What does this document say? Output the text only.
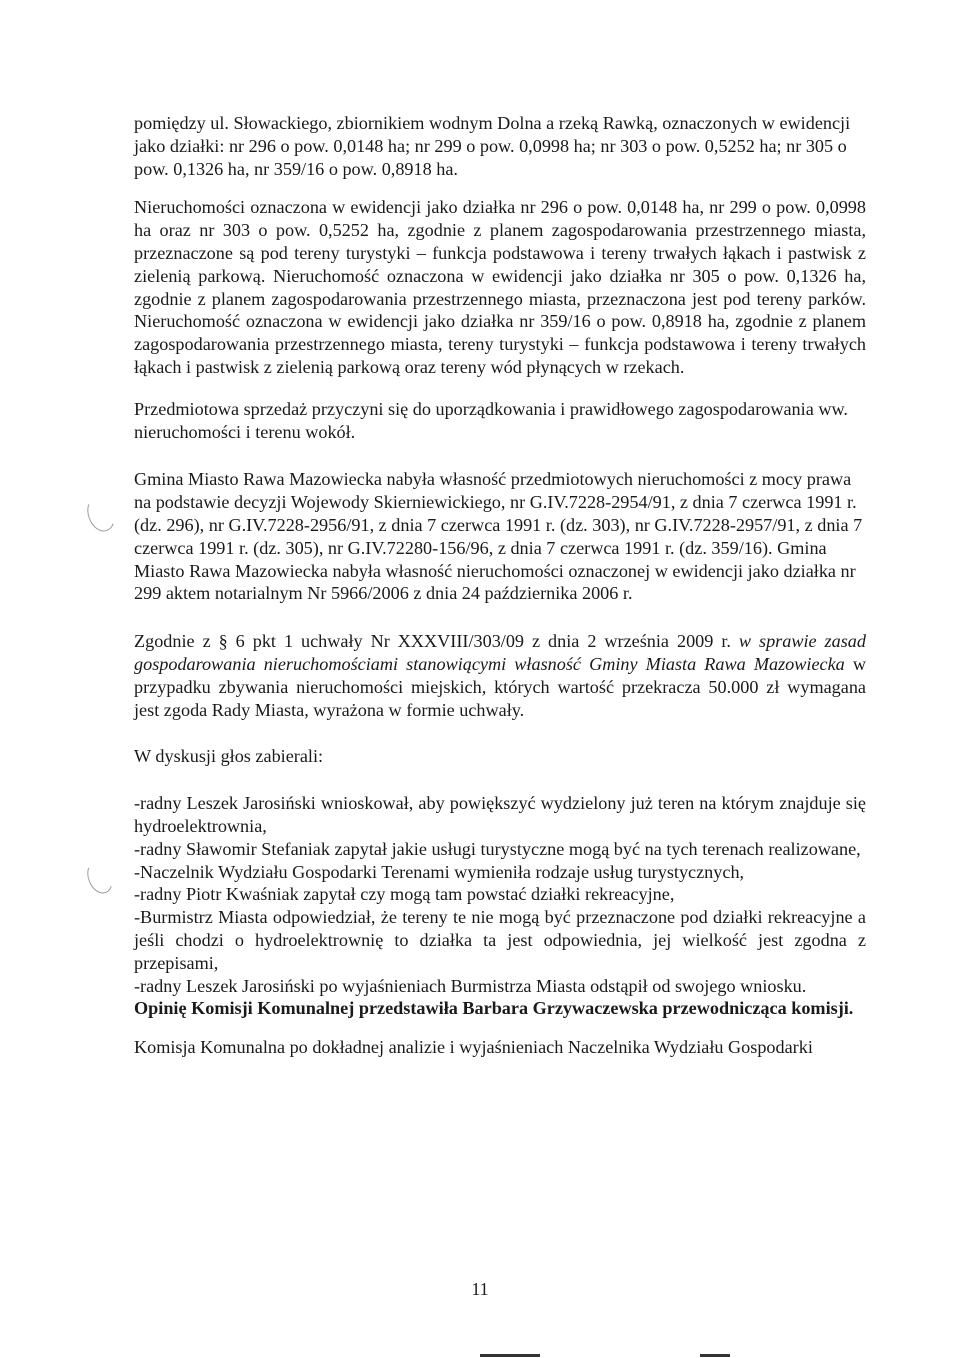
pomiędzy ul. Słowackiego, zbiornikiem wodnym Dolna a rzeką Rawką, oznaczonych w ewidencji jako działki: nr 296 o pow. 0,0148 ha; nr 299 o pow. 0,0998 ha; nr 303 o pow. 0,5252 ha; nr 305 o pow. 0,1326 ha, nr 359/16 o pow. 0,8918 ha.

Nieruchomości oznaczona w ewidencji jako działka nr 296 o pow. 0,0148 ha, nr 299 o pow. 0,0998 ha oraz nr 303 o pow. 0,5252 ha, zgodnie z planem zagospodarowania przestrzennego miasta, przeznaczone są pod tereny turystyki – funkcja podstawowa i tereny trwałych łąkach i pastwisk z zielenią parkową. Nieruchomość oznaczona w ewidencji jako działka nr 305 o pow. 0,1326 ha, zgodnie z planem zagospodarowania przestrzennego miasta, przeznaczona jest pod tereny parków. Nieruchomość oznaczona w ewidencji jako działka nr 359/16 o pow. 0,8918 ha, zgodnie z planem zagospodarowania przestrzennego miasta, tereny turystyki – funkcja podstawowa i tereny trwałych łąkach i pastwisk z zielenią parkową oraz tereny wód płynących w rzekach.

Przedmiotowa sprzedaż przyczyni się do uporządkowania i prawidłowego zagospodarowania ww. nieruchomości i terenu wokół.

Gmina Miasto Rawa Mazowiecka nabyła własność przedmiotowych nieruchomości z mocy prawa na podstawie decyzji Wojewody Skierniewickiego, nr G.IV.7228-2954/91, z dnia 7 czerwca 1991 r. (dz. 296), nr G.IV.7228-2956/91, z dnia 7 czerwca 1991 r. (dz. 303), nr G.IV.7228-2957/91, z dnia 7 czerwca 1991 r. (dz. 305), nr G.IV.72280-156/96, z dnia 7 czerwca 1991 r. (dz. 359/16). Gmina Miasto Rawa Mazowiecka nabyła własność nieruchomości oznaczonej w ewidencji jako działka nr 299 aktem notarialnym Nr 5966/2006 z dnia 24 października 2006 r.

Zgodnie z § 6 pkt 1 uchwały Nr XXXVIII/303/09 z dnia 2 września 2009 r. w sprawie zasad gospodarowania nieruchomościami stanowiącymi własność Gminy Miasta Rawa Mazowiecka w przypadku zbywania nieruchomości miejskich, których wartość przekracza 50.000 zł wymagana jest zgoda Rady Miasta, wyrażona w formie uchwały.

W dyskusji głos zabierali:

-radny Leszek Jarosiński wnioskował, aby powiększyć wydzielony już teren na którym znajduje się hydroelektrownia,

-radny Sławomir Stefaniak zapytał jakie usługi turystyczne mogą być na tych terenach realizowane,

-Naczelnik Wydziału Gospodarki Terenami wymieniła rodzaje usług turystycznych,

-radny Piotr Kwaśniak zapytał czy mogą tam powstać działki rekreacyjne,

-Burmistrz Miasta odpowiedział, że tereny te nie mogą być przeznaczone pod działki rekreacyjne a jeśli chodzi o hydroelektrownię to działka ta jest odpowiednia, jej wielkość jest zgodna z przepisami,

-radny Leszek Jarosiński po wyjaśnieniach Burmistrza Miasta odstąpił od swojego wniosku.

Opinię Komisji Komunalnej przedstawiła Barbara Grzywaczewska przewodnicząca komisji.

Komisja Komunalna po dokładnej analizie i wyjaśnieniach Naczelnika Wydziału Gospodarki

11
